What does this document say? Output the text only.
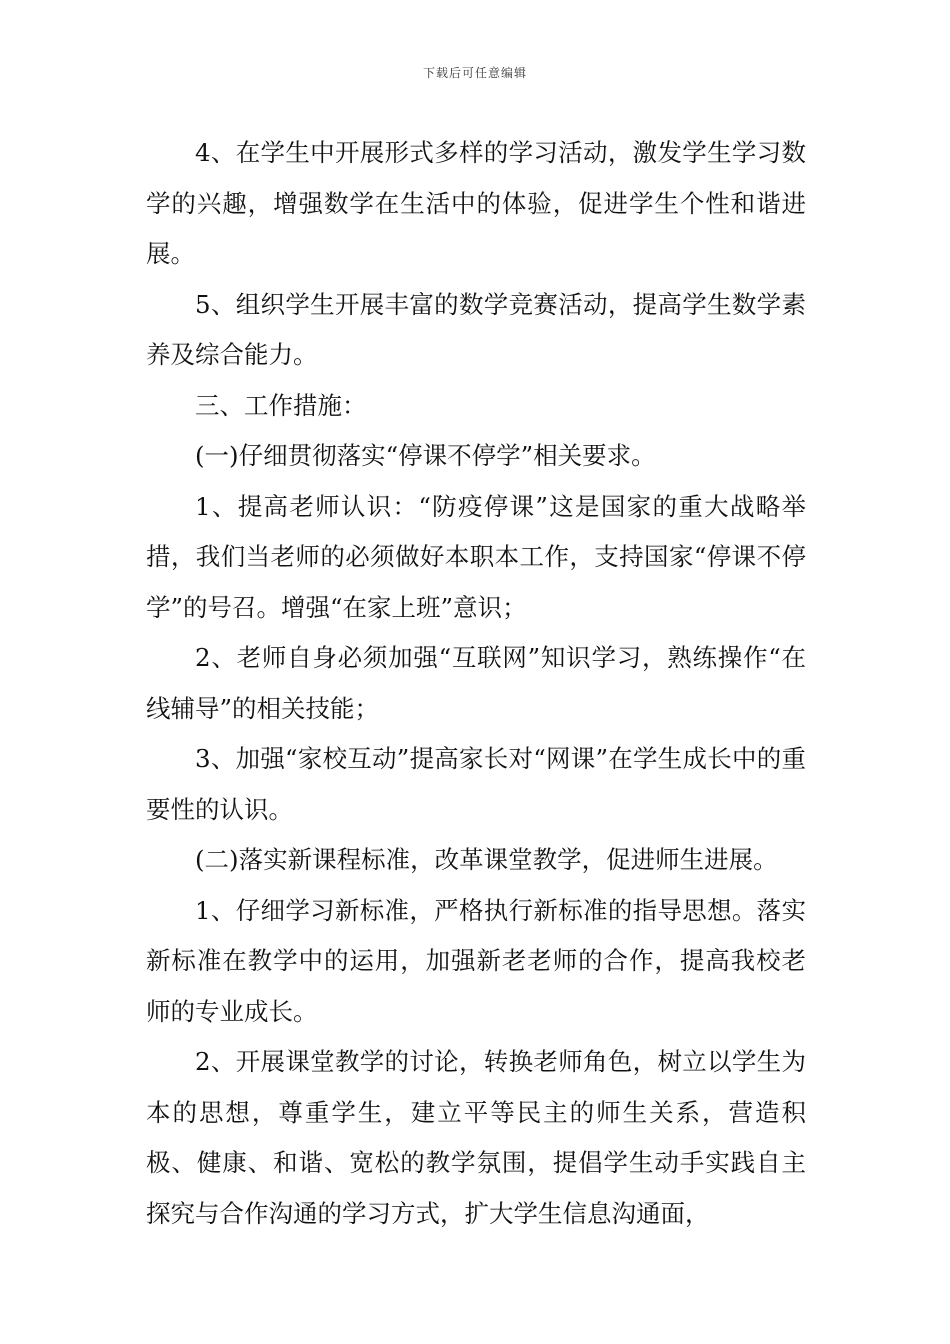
下载后可任意编辑

4、在学生中开展形式多样的学习活动，激发学生学习数学的兴趣，增强数学在生活中的体验，促进学生个性和谐进展。

5、组织学生开展丰富的数学竞赛活动，提高学生数学素养及综合能力。

三、工作措施：

(一)仔细贯彻落实“停课不停学”相关要求。

1、提高老师认识：“防疫停课”这是国家的重大战略举措，我们当老师的必须做好本职本工作，支持国家“停课不停学”的号召。增强“在家上班”意识；

2、老师自身必须加强“互联网”知识学习，熟练操作“在线辅导”的相关技能；

3、加强“家校互动”提高家长对“网课”在学生成长中的重要性的认识。

(二)落实新课程标准，改革课堂教学，促进师生进展。

1、仔细学习新标准，严格执行新标准的指导思想。落实新标准在教学中的运用，加强新老老师的合作，提高我校老师的专业成长。

2、开展课堂教学的讨论，转换老师角色，树立以学生为本的思想，尊重学生，建立平等民主的师生关系，营造积极、健康、和谐、宽松的教学氛围，提倡学生动手实践自主探究与合作沟通的学习方式，扩大学生信息沟通面，
